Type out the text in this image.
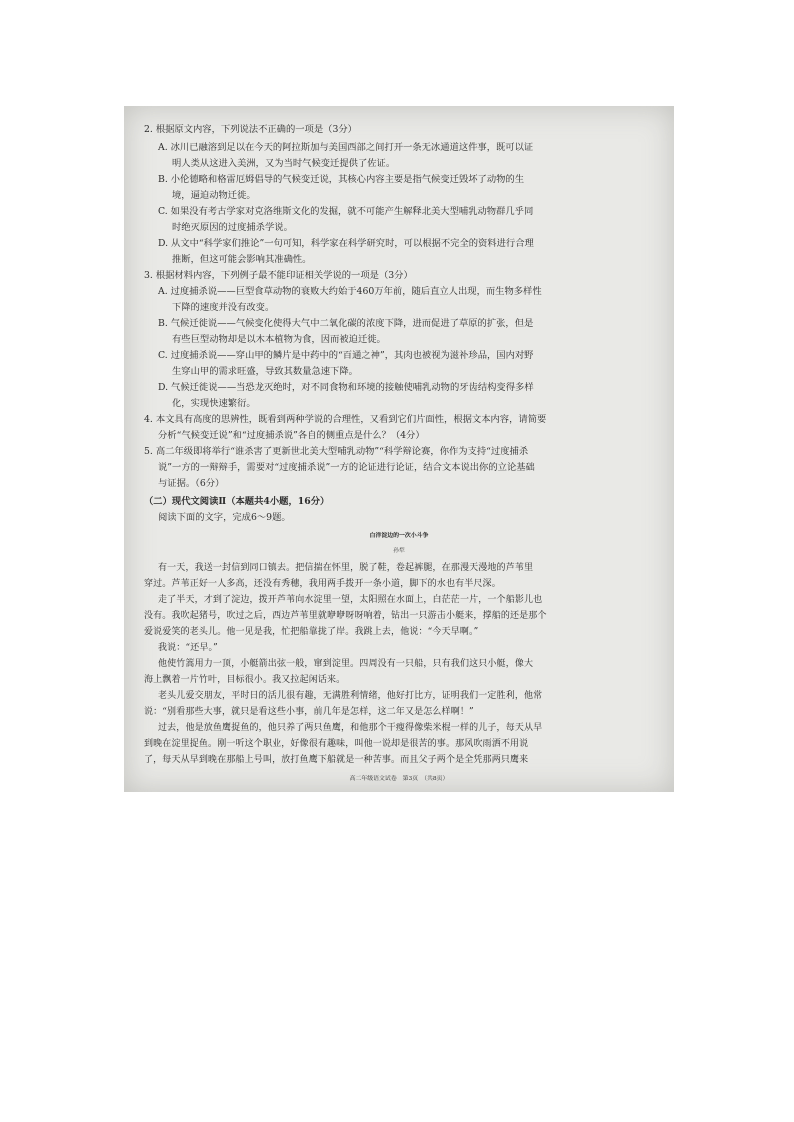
2. 根据原文内容，下列说法不正确的一项是（3分）
A. 冰川已融溶到足以在今天的阿拉斯加与美国西部之间打开一条无冰通道这件事，既可以证
明人类从这进入美洲，又为当时气候变迁提供了佐证。
B. 小伦德略和格雷厄姆倡导的气候变迁说，其核心内容主要是指气候变迁毁坏了动物的生
境，逼迫动物迁徙。
C. 如果没有考古学家对克洛维斯文化的发掘，就不可能产生解释北美大型哺乳动物群几乎同
时绝灭原因的过度捕杀学说。
D. 从文中“科学家们推论”一句可知，科学家在科学研究时，可以根据不完全的资料进行合理
推断，但这可能会影响其准确性。
3. 根据材料内容，下列例子最不能印证相关学说的一项是（3分）
A. 过度捕杀说——巨型食草动物的衰败大约始于460万年前，随后直立人出现，而生物多样性
下降的速度并没有改变。
B. 气候迁徙说——气候变化使得大气中二氧化碳的浓度下降，进而促进了草原的扩张，但是
有些巨型动物却是以木本植物为食，因而被迫迁徙。
C. 过度捕杀说——穿山甲的鳞片是中药中的“百通之神”，其肉也被视为滋补珍品，国内对野
生穿山甲的需求旺盛，导致其数量急速下降。
D. 气候迁徙说——当恐龙灭绝时，对不同食物和环境的接触使哺乳动物的牙齿结构变得多样
化，实现快速繁衍。
4. 本文具有高度的思辨性，既看到两种学说的合理性，又看到它们片面性，根据文本内容，请简要
分析“气候变迁说”和“过度捕杀说”各自的侧重点是什么？（4分）
5. 高二年级即将举行“谁杀害了更新世北美大型哺乳动物”“科学辩论赛，你作为支持“过度捕杀
说”一方的一辩辩手，需要对“过度捕杀说”一方的论证进行论证，结合文本说出你的立论基础
与证据。（6分）
（二）现代文阅读Ⅱ（本题共4小题，16分）
阅读下面的文字，完成6～9题。
白洋淀边的一次小斗争
孙犁
有一天，我送一封信到同口镇去。把信揣在怀里，脱了鞋，卷起裤腿，在那漫天漫地的芦苇里
穿过。芦苇正好一人多高，还没有秀穗，我用两手拨开一条小道，脚下的水也有半尺深。
走了半天，才到了淀边，拨开芦苇向水淀里一望，太阳照在水面上，白茫茫一片，一个船影儿也
没有。我吹起猪号，吹过之后，西边芦苇里就咿咿呀呀响着，钻出一只游击小艇来，撑船的还是那个
爱说爱笑的老头儿。他一见是我，忙把船靠拢了岸。我跳上去，他说：“今天早啊。”
我说：“还早。”
他使竹篙用力一顶，小艇箭出弦一般，窜到淀里。四周没有一只船，只有我们这只小艇，像大
海上飘着一片竹叶，目标很小。我又拉起闲话来。
老头儿爱交朋友，平时日的活儿很有趣，无满胜利情绪，他好打比方，证明我们一定胜利，他常
说：“别看那些大事，就只是看这些小事，前几年是怎样，这二年又是怎么样啊！”
过去，他是放鱼鹰捉鱼的，他只养了两只鱼鹰，和他那个干瘦得像柴米棍一样的儿子，每天从早
到晚在淀里捉鱼。刚一听这个职业，好像很有趣味，叫他一说却是很苦的事。那风吹雨洒不用说
了，每天从早到晚在那船上号叫，放打鱼鹰下船就是一种苦事。而且父子两个是全凭那两只鹰来
高二年级语文试卷　第3页　（共8页）
